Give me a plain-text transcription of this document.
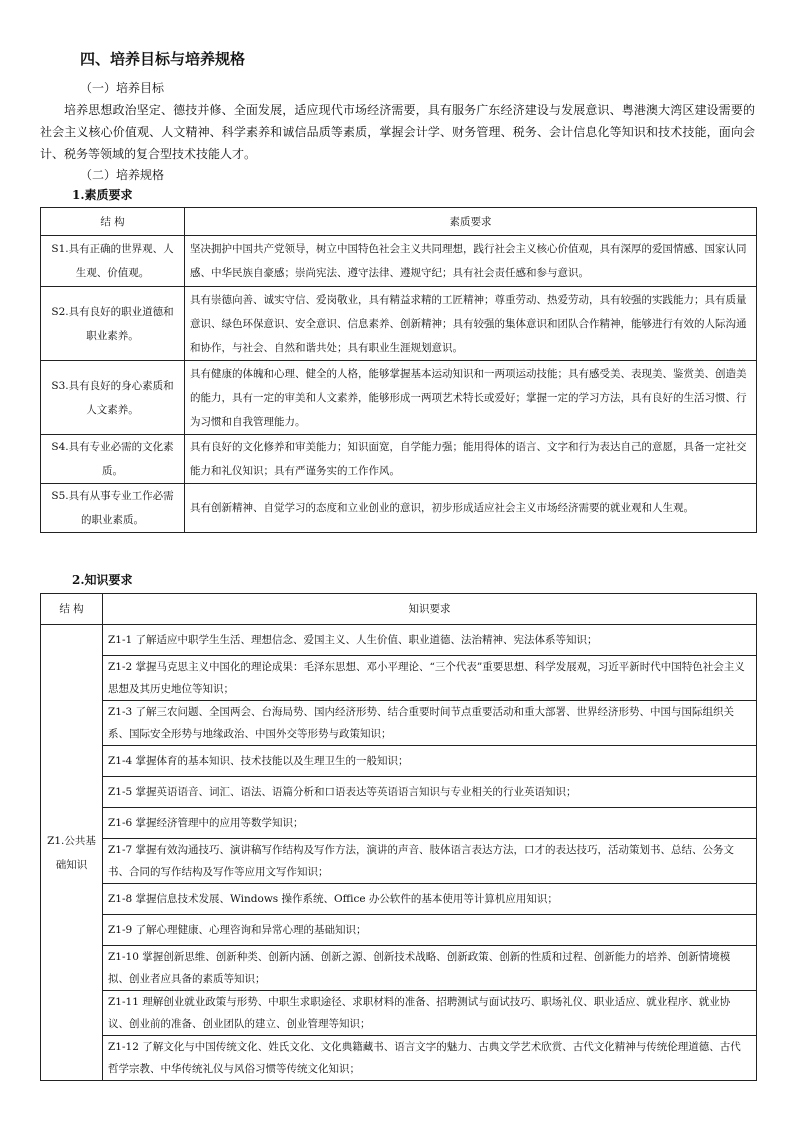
四、培养目标与培养规格
（一）培养目标
培养思想政治坚定、德技并修、全面发展，适应现代市场经济需要，具有服务广东经济建设与发展意识、粤港澳大湾区建设需要的社会主义核心价值观、人文精神、科学素养和诚信品质等素质，掌握会计学、财务管理、税务、会计信息化等知识和技术技能，面向会计、税务等领域的复合型技术技能人才。
（二）培养规格
1.素质要求
结 构	素质要求
S1.具有正确的世界观、人生观、价值观。	坚决拥护中国共产党领导，树立中国特色社会主义共同理想，践行社会主义核心价值观，具有深厚的爱国情感、国家认同感、中华民族自豪感；崇尚宪法、遵守法律、遵规守纪；具有社会责任感和参与意识。
S2.具有良好的职业道德和职业素养。	具有崇德向善、诚实守信、爱岗敬业，具有精益求精的工匠精神；尊重劳动、热爱劳动，具有较强的实践能力；具有质量意识、绿色环保意识、安全意识、信息素养、创新精神；具有较强的集体意识和团队合作精神，能够进行有效的人际沟通和协作，与社会、自然和谐共处；具有职业生涯规划意识。
S3.具有良好的身心素质和人文素养。	具有健康的体魄和心理、健全的人格，能够掌握基本运动知识和一两项运动技能；具有感受美、表现美、鉴赏美、创造美的能力，具有一定的审美和人文素养，能够形成一两项艺术特长或爱好；掌握一定的学习方法，具有良好的生活习惯、行为习惯和自我管理能力。
S4.具有专业必需的文化素质。	具有良好的文化修养和审美能力；知识面宽，自学能力强；能用得体的语言、文字和行为表达自己的意愿，具备一定社交能力和礼仪知识；具有严谨务实的工作作风。
S5.具有从事专业工作必需的职业素质。	具有创新精神、自觉学习的态度和立业创业的意识，初步形成适应社会主义市场经济需要的就业观和人生观。
2.知识要求
结 构	知识要求
Z1.公共基础知识	Z1-1 了解适应中职学生生活、理想信念、爱国主义、人生价值、职业道德、法治精神、宪法体系等知识；
	Z1-2 掌握马克思主义中国化的理论成果：毛泽东思想、邓小平理论、“三个代表”重要思想、科学发展观，习近平新时代中国特色社会主义思想及其历史地位等知识；
	Z1-3 了解三农问题、全国两会、台海局势、国内经济形势、结合重要时间节点重要活动和重大部署、世界经济形势、中国与国际组织关系、国际安全形势与地缘政治、中国外交等形势与政策知识；
	Z1-4 掌握体育的基本知识、技术技能以及生理卫生的一般知识；
	Z1-5 掌握英语语音、词汇、语法、语篇分析和口语表达等英语语言知识与专业相关的行业英语知识；
	Z1-6 掌握经济管理中的应用等数学知识；
	Z1-7 掌握有效沟通技巧、演讲稿写作结构及写作方法，演讲的声音、肢体语言表达方法，口才的表达技巧，活动策划书、总结、公务文书、合同的写作结构及写作等应用文写作知识；
	Z1-8 掌握信息技术发展、Windows 操作系统、Office 办公软件的基本使用等计算机应用知识；
	Z1-9 了解心理健康、心理咨询和异常心理的基础知识；
	Z1-10 掌握创新思维、创新种类、创新内涵、创新之源、创新技术战略、创新政策、创新的性质和过程、创新能力的培养、创新情境模拟、创业者应具备的素质等知识；
	Z1-11 理解创业就业政策与形势、中职生求职途径、求职材料的准备、招聘测试与面试技巧、职场礼仪、职业适应、就业程序、就业协议、创业前的准备、创业团队的建立、创业管理等知识；
	Z1-12 了解文化与中国传统文化、姓氏文化、文化典籍藏书、语言文字的魅力、古典文学艺术欣赏、古代文化精神与传统伦理道德、古代哲学宗教、中华传统礼仪与风俗习惯等传统文化知识；
